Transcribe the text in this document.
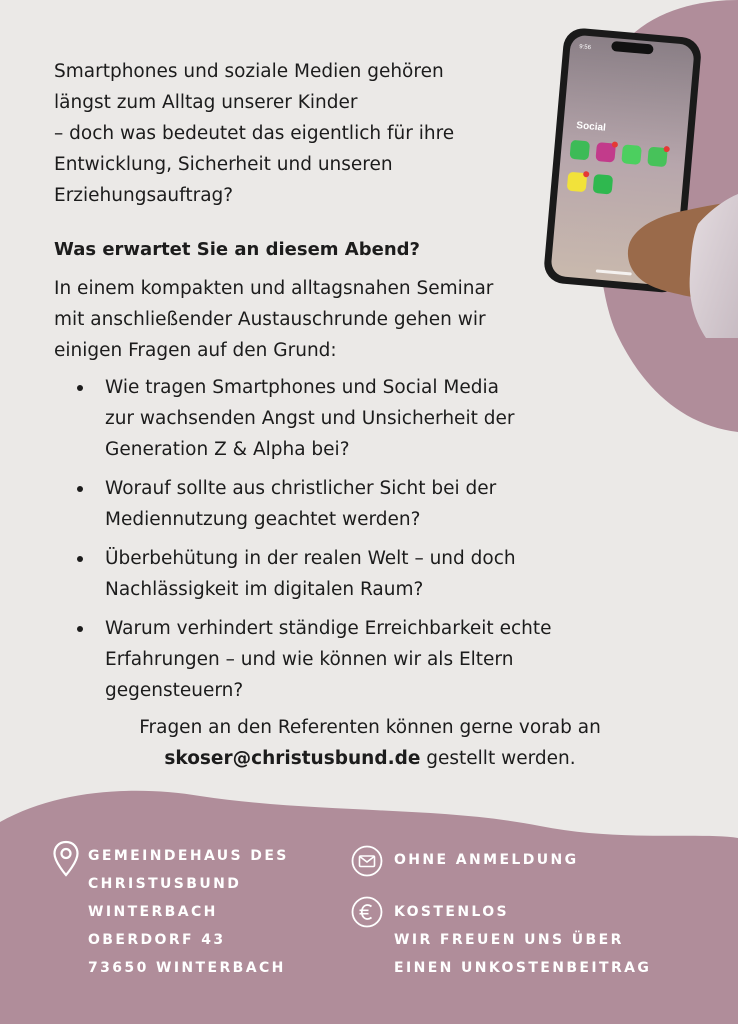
9:56
Social

Smartphones und soziale Medien gehören
längst zum Alltag unserer Kinder
– doch was bedeutet das eigentlich für ihre
Entwicklung, Sicherheit und unseren
Erziehungsauftrag?

Was erwartet Sie an diesem Abend?

In einem kompakten und alltagsnahen Seminar
mit anschließender Austauschrunde gehen wir
einigen Fragen auf den Grund:

Wie tragen Smartphones und Social Media
zur wachsenden Angst und Unsicherheit der
Generation Z & Alpha bei?
Worauf sollte aus christlicher Sicht bei der
Mediennutzung geachtet werden?
Überbehütung in der realen Welt – und doch
Nachlässigkeit im digitalen Raum?
Warum verhindert ständige Erreichbarkeit echte
Erfahrungen – und wie können wir als Eltern
gegensteuern?

Fragen an den Referenten können gerne vorab an
skoser@christusbund.de gestellt werden.

GEMEINDEHAUS DES
CHRISTUSBUND
WINTERBACH
OBERDORF 43
73650 WINTERBACH
OHNE ANMELDUNG
KOSTENLOS
WIR FREUEN UNS ÜBER
EINEN UNKOSTENBEITRAG
